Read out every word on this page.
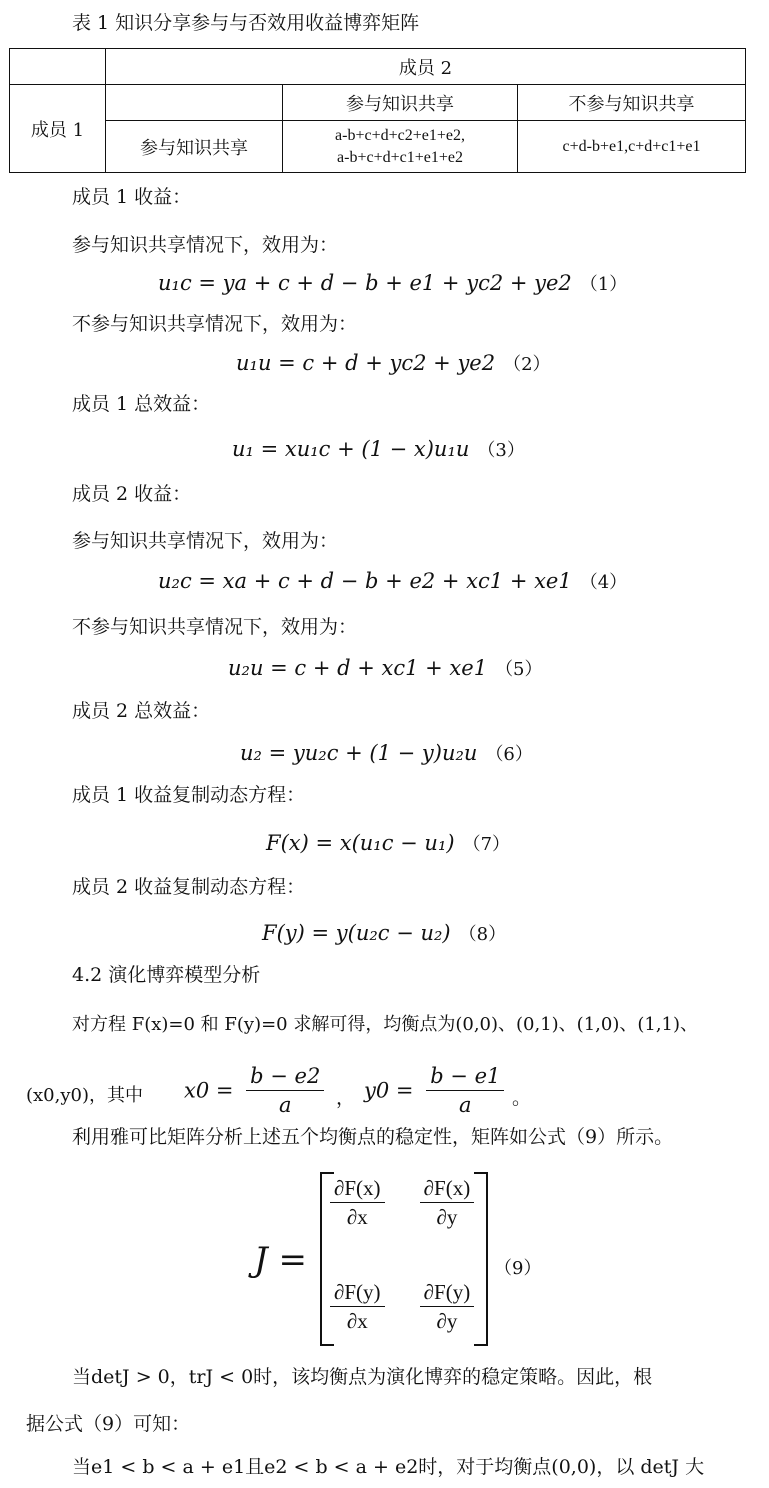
表 1 知识分享参与与否效用收益博弈矩阵
	成员 2		
成员 1		参与知识共享	不参与知识共享
	参与知识共享	a-b+c+d+c2+e1+e2,
a-b+c+d+c1+e1+e2	c+d-b+e1,c+d+c1+e1
成员 1 收益：
参与知识共享情况下，效用为：
u₁c = ya + c + d − b + e1 + yc2 + ye2 （1）
不参与知识共享情况下，效用为：
u₁u = c + d + yc2 + ye2 （2）
成员 1 总效益：
u₁ = xu₁c + (1 − x)u₁u （3）
成员 2 收益：
参与知识共享情况下，效用为：
u₂c = xa + c + d − b + e2 + xc1 + xe1 （4）
不参与知识共享情况下，效用为：
u₂u = c + d + xc1 + xe1 （5）
成员 2 总效益：
u₂ = yu₂c + (1 − y)u₂u （6）
成员 1 收益复制动态方程：
F(x) = x(u₁c − u₁) （7）
成员 2 收益复制动态方程：
F(y) = y(u₂c − u₂) （8）
4.2 演化博弈模型分析
对方程 F(x)=0 和 F(y)=0 求解可得，均衡点为(0,0)、(0,1)、(1,0)、(1,1)、
(x0,y0)，其中 $x0 = \frac{b - e2}{a}$ ， $y0 = \frac{b - e1}{a}$ 。
利用雅可比矩阵分析上述五个均衡点的稳定性，矩阵如公式（9）所示。
J =
$\frac{\partial F(x)}{\partial x}$
$\frac{\partial F(x)}{\partial y}$
$\frac{\partial F(y)}{\partial x}$
$\frac{\partial F(y)}{\partial y}$
（9）
当detJ > 0，trJ < 0时，该均衡点为演化博弈的稳定策略。因此，根
据公式（9）可知：
当e1 < b < a + e1且e2 < b < a + e2时，对于均衡点(0,0)，以 detJ 大
